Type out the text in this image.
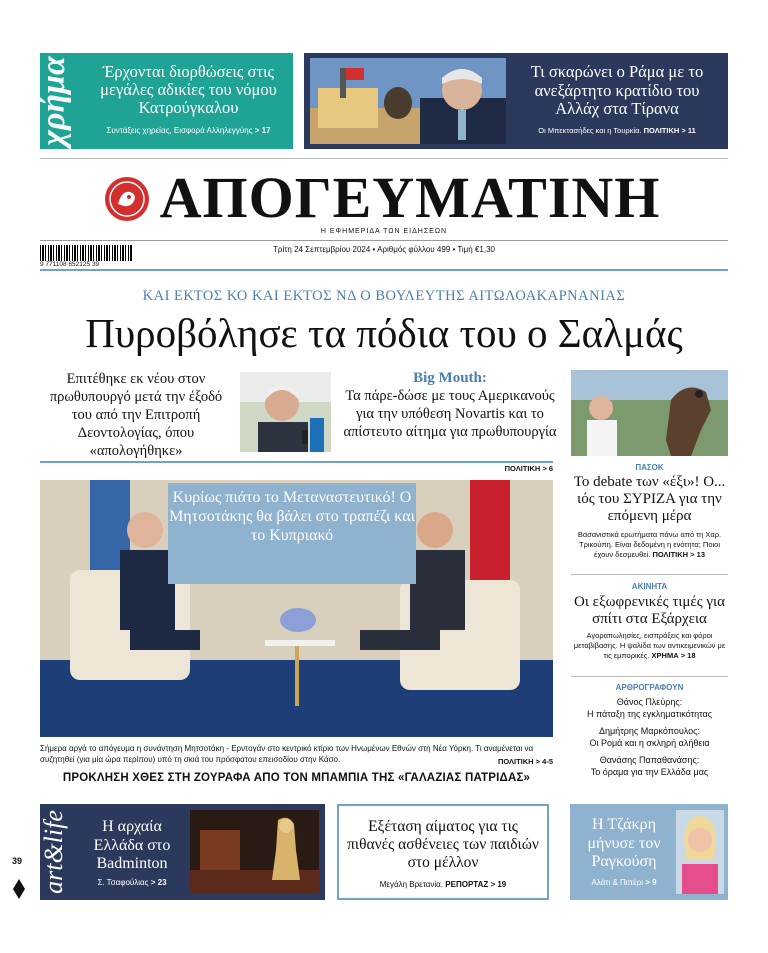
χρήμα	Έρχονται διορθώσεις στις μεγάλες αδικίες του νόμου Κατρούγκαλου
Συντάξεις χηρείας, Εισφορά Αλληλεγγύης > 17
Τι σκαρώνει ο Ράμα με το ανεξάρτητο κρατίδιο του Αλλάχ στα Τίρανα
Οι Μπεκτασήδες και η Τουρκία. ΠΟΛΙΤΙΚΗ > 11
ΑΠΟΓΕΥΜΑΤΙΝΗ
Η ΕΦΗΜΕΡΙΔΑ ΤΩΝ ΕΙΔΗΣΕΩΝ
9 771108 652125 39
Τρίτη 24 Σεπτεμβρίου 2024 • Αριθμός φύλλου 499 • Τιμή €1,30
ΚΑΙ ΕΚΤΟΣ ΚΟ ΚΑΙ ΕΚΤΟΣ ΝΔ Ο ΒΟΥΛΕΥΤΗΣ ΑΙΤΩΛΟΑΚΑΡΝΑΝΙΑΣ
Πυροβόλησε τα πόδια του ο Σαλμάς
Επιτέθηκε εκ νέου στον πρωθυπουργό μετά την έξοδό του από την Επιτροπή Δεοντολογίας, όπου «απολογήθηκε»
Big Mouth:
Τα πάρε-δώσε με τους Αμερικανούς για την υπόθεση Novartis και το απίστευτο αίτημα για πρωθυπουργία
ΠΟΛΙΤΙΚΗ > 6
Κυρίως πιάτο το Μεταναστευτικό! Ο Μητσοτάκης θα βάλει στο τραπέζι και το Κυπριακό
Σήμερα αργά το απόγευμα η συνάντηση Μητσοτάκη - Ερντογάν στο κεντρικό κτίριο των Ηνωμένων Εθνών στη Νέα Υόρκη. Τι αναμένεται να συζητηθεί (για μία ώρα περίπου) υπό τη σκιά του πρόσφατου επεισοδίου στην Κάσο.	ΠΟΛΙΤΙΚΗ > 4-5
ΠΡΟΚΛΗΣΗ ΧΘΕΣ ΣΤΗ ΖΟΥΡΑΦΑ ΑΠΟ ΤΟΝ ΜΠΑΜΠΙΑ ΤΗΣ «ΓΑΛΑΖΙΑΣ ΠΑΤΡΙΔΑΣ»
ΠΑΣΟΚ
Το debate των «έξι»! Ο... ιός του ΣΥΡΙΖΑ για την επόμενη μέρα
Βασανιστικά ερωτήματα πάνω από τη Χαρ. Τρικούπη. Είναι δεδομένη η ενότητα; Ποιοι έχουν δεσμευθεί. ΠΟΛΙΤΙΚΗ > 13
ΑΚΙΝΗΤΑ
Οι εξωφρενικές τιμές για σπίτι στα Εξάρχεια
Αγοραπωλησίες, εισπράξεις και φόροι μεταβίβασης. Η ψαλίδα των αντικειμενικών με τις εμπορικές. ΧΡΗΜΑ > 18
ΑΡΘΡΟΓΡΑΦΟΥΝ
Θάνος Πλεύρης:
Η πάταξη της εγκληματικότητας
Δημήτρης Μαρκόπουλος:
Οι Ρομά και η σκληρή αλήθεια
Θανάσης Παπαθανάσης:
Το όραμα για την Ελλάδα μας
art&life	Η αρχαία Ελλάδα στο Badminton
Σ. Τσαφούλιας > 23
Εξέταση αίματος για τις πιθανές ασθένειες των παιδιών στο μέλλον
Μεγάλη Βρετανία. ΡΕΠΟΡΤΑΖ > 19
Η Τζάκρη μήνυσε τον Ραγκούση
Αλάτι & Πιπέρι > 9
39
